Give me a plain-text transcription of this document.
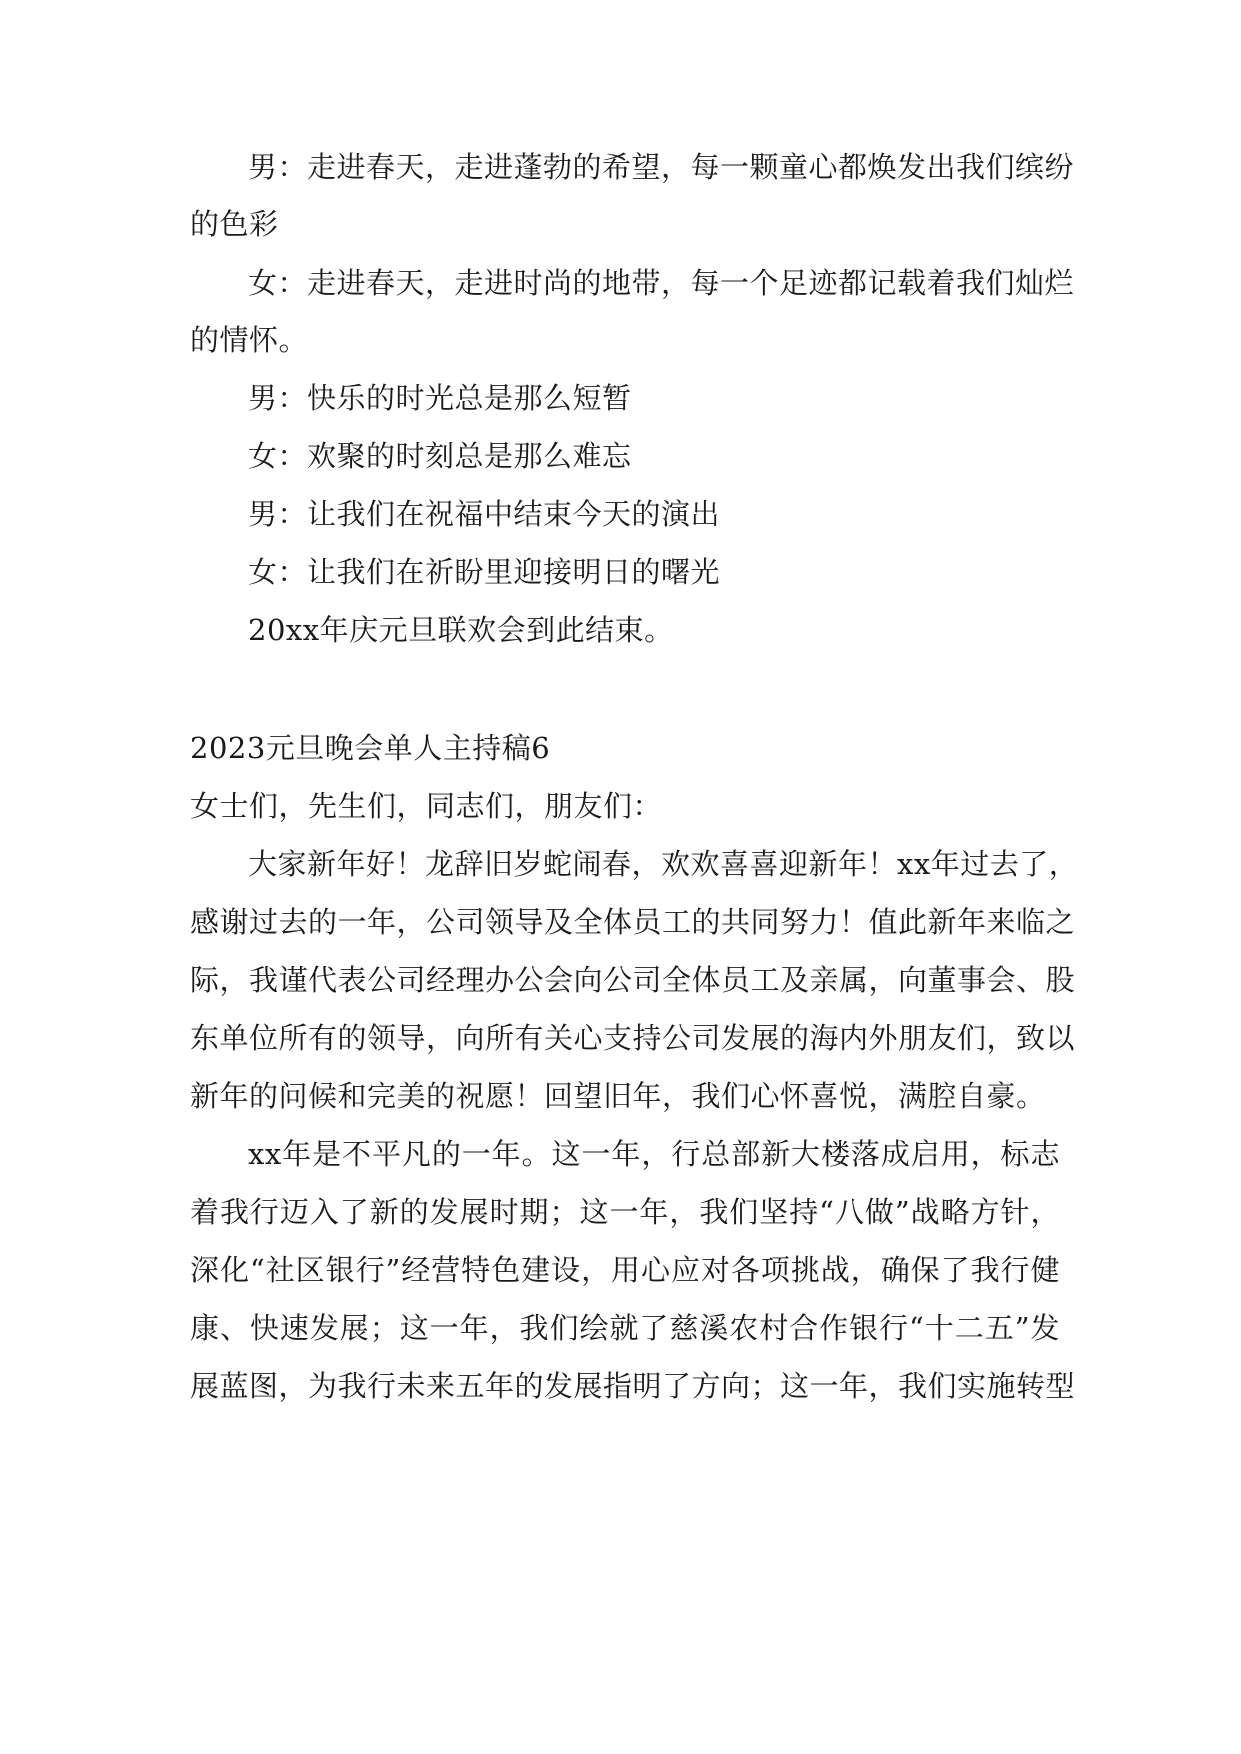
男：走进春天，走进蓬勃的希望，每一颗童心都焕发出我们缤纷
的色彩
女：走进春天，走进时尚的地带，每一个足迹都记载着我们灿烂
的情怀。
男：快乐的时光总是那么短暂
女：欢聚的时刻总是那么难忘
男：让我们在祝福中结束今天的演出
女：让我们在祈盼里迎接明日的曙光
20xx年庆元旦联欢会到此结束。
2023元旦晚会单人主持稿6
女士们，先生们，同志们，朋友们：
大家新年好！龙辞旧岁蛇闹春，欢欢喜喜迎新年！xx年过去了，
感谢过去的一年，公司领导及全体员工的共同努力！值此新年来临之
际，我谨代表公司经理办公会向公司全体员工及亲属，向董事会、股
东单位所有的领导，向所有关心支持公司发展的海内外朋友们，致以
新年的问候和完美的祝愿！回望旧年，我们心怀喜悦，满腔自豪。
xx年是不平凡的一年。这一年，行总部新大楼落成启用，标志
着我行迈入了新的发展时期；这一年，我们坚持“八做”战略方针，
深化“社区银行”经营特色建设，用心应对各项挑战，确保了我行健
康、快速发展；这一年，我们绘就了慈溪农村合作银行“十二五”发
展蓝图，为我行未来五年的发展指明了方向；这一年，我们实施转型
